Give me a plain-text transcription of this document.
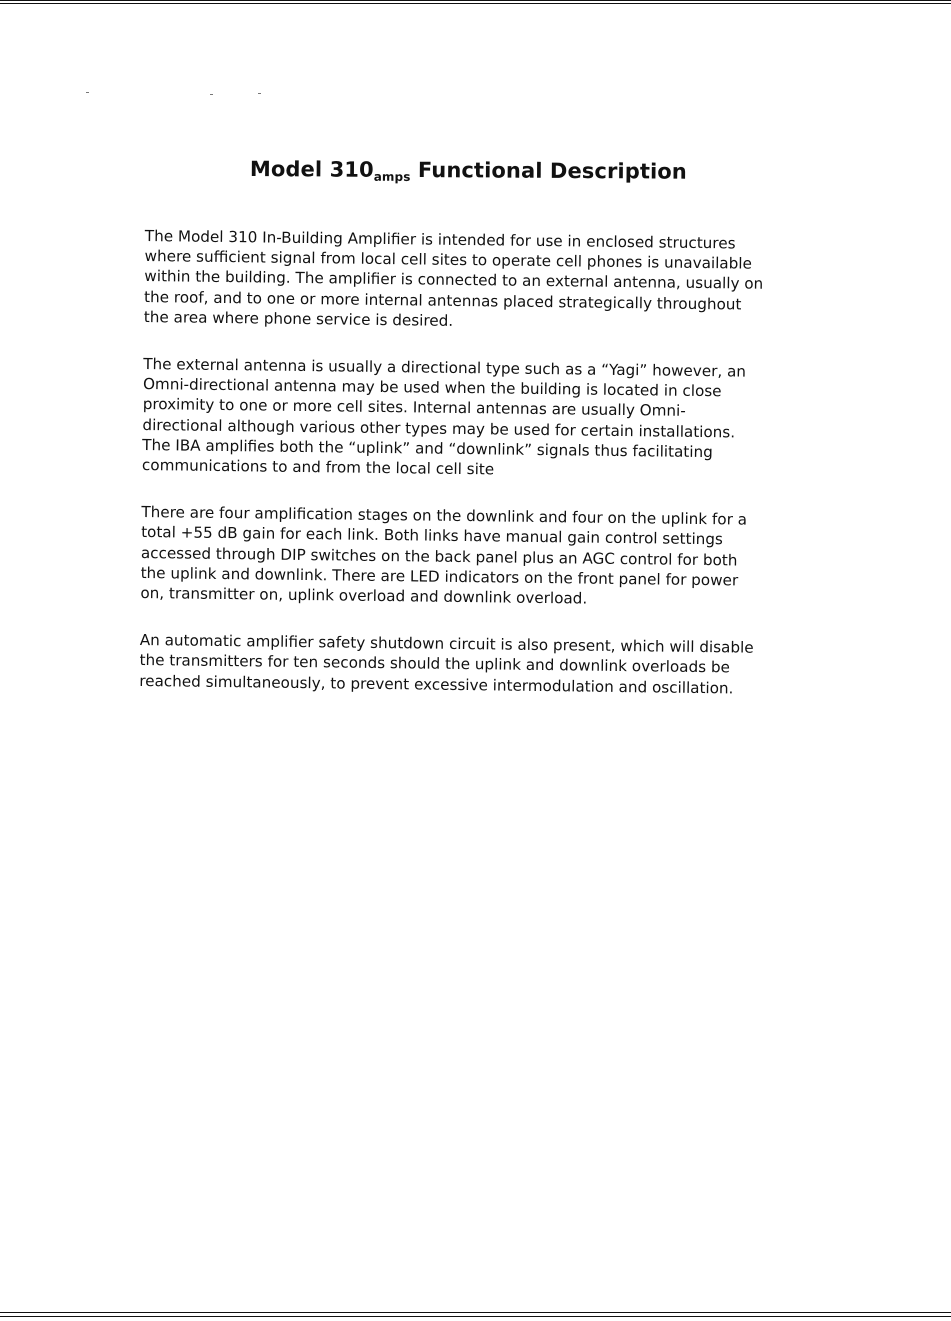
Model $310_{amps}$ Functional Description
The Model 310 In-Building Amplifier is intended for use in enclosed structures
where sufficient signal from local cell sites to operate cell phones is unavailable
within the building. The amplifier is connected to an external antenna, usually on
the roof, and to one or more internal antennas placed strategically throughout
the area where phone service is desired.
The external antenna is usually a directional type such as a “Yagi” however, an
Omni-directional antenna may be used when the building is located in close
proximity to one or more cell sites. Internal antennas are usually Omni-
directional although various other types may be used for certain installations.
The IBA amplifies both the “uplink” and “downlink” signals thus facilitating
communications to and from the local cell site
There are four amplification stages on the downlink and four on the uplink for a
total +55 dB gain for each link. Both links have manual gain control settings
accessed through DIP switches on the back panel plus an AGC control for both
the uplink and downlink. There are LED indicators on the front panel for power
on, transmitter on, uplink overload and downlink overload.
An automatic amplifier safety shutdown circuit is also present, which will disable
the transmitters for ten seconds should the uplink and downlink overloads be
reached simultaneously, to prevent excessive intermodulation and oscillation.
